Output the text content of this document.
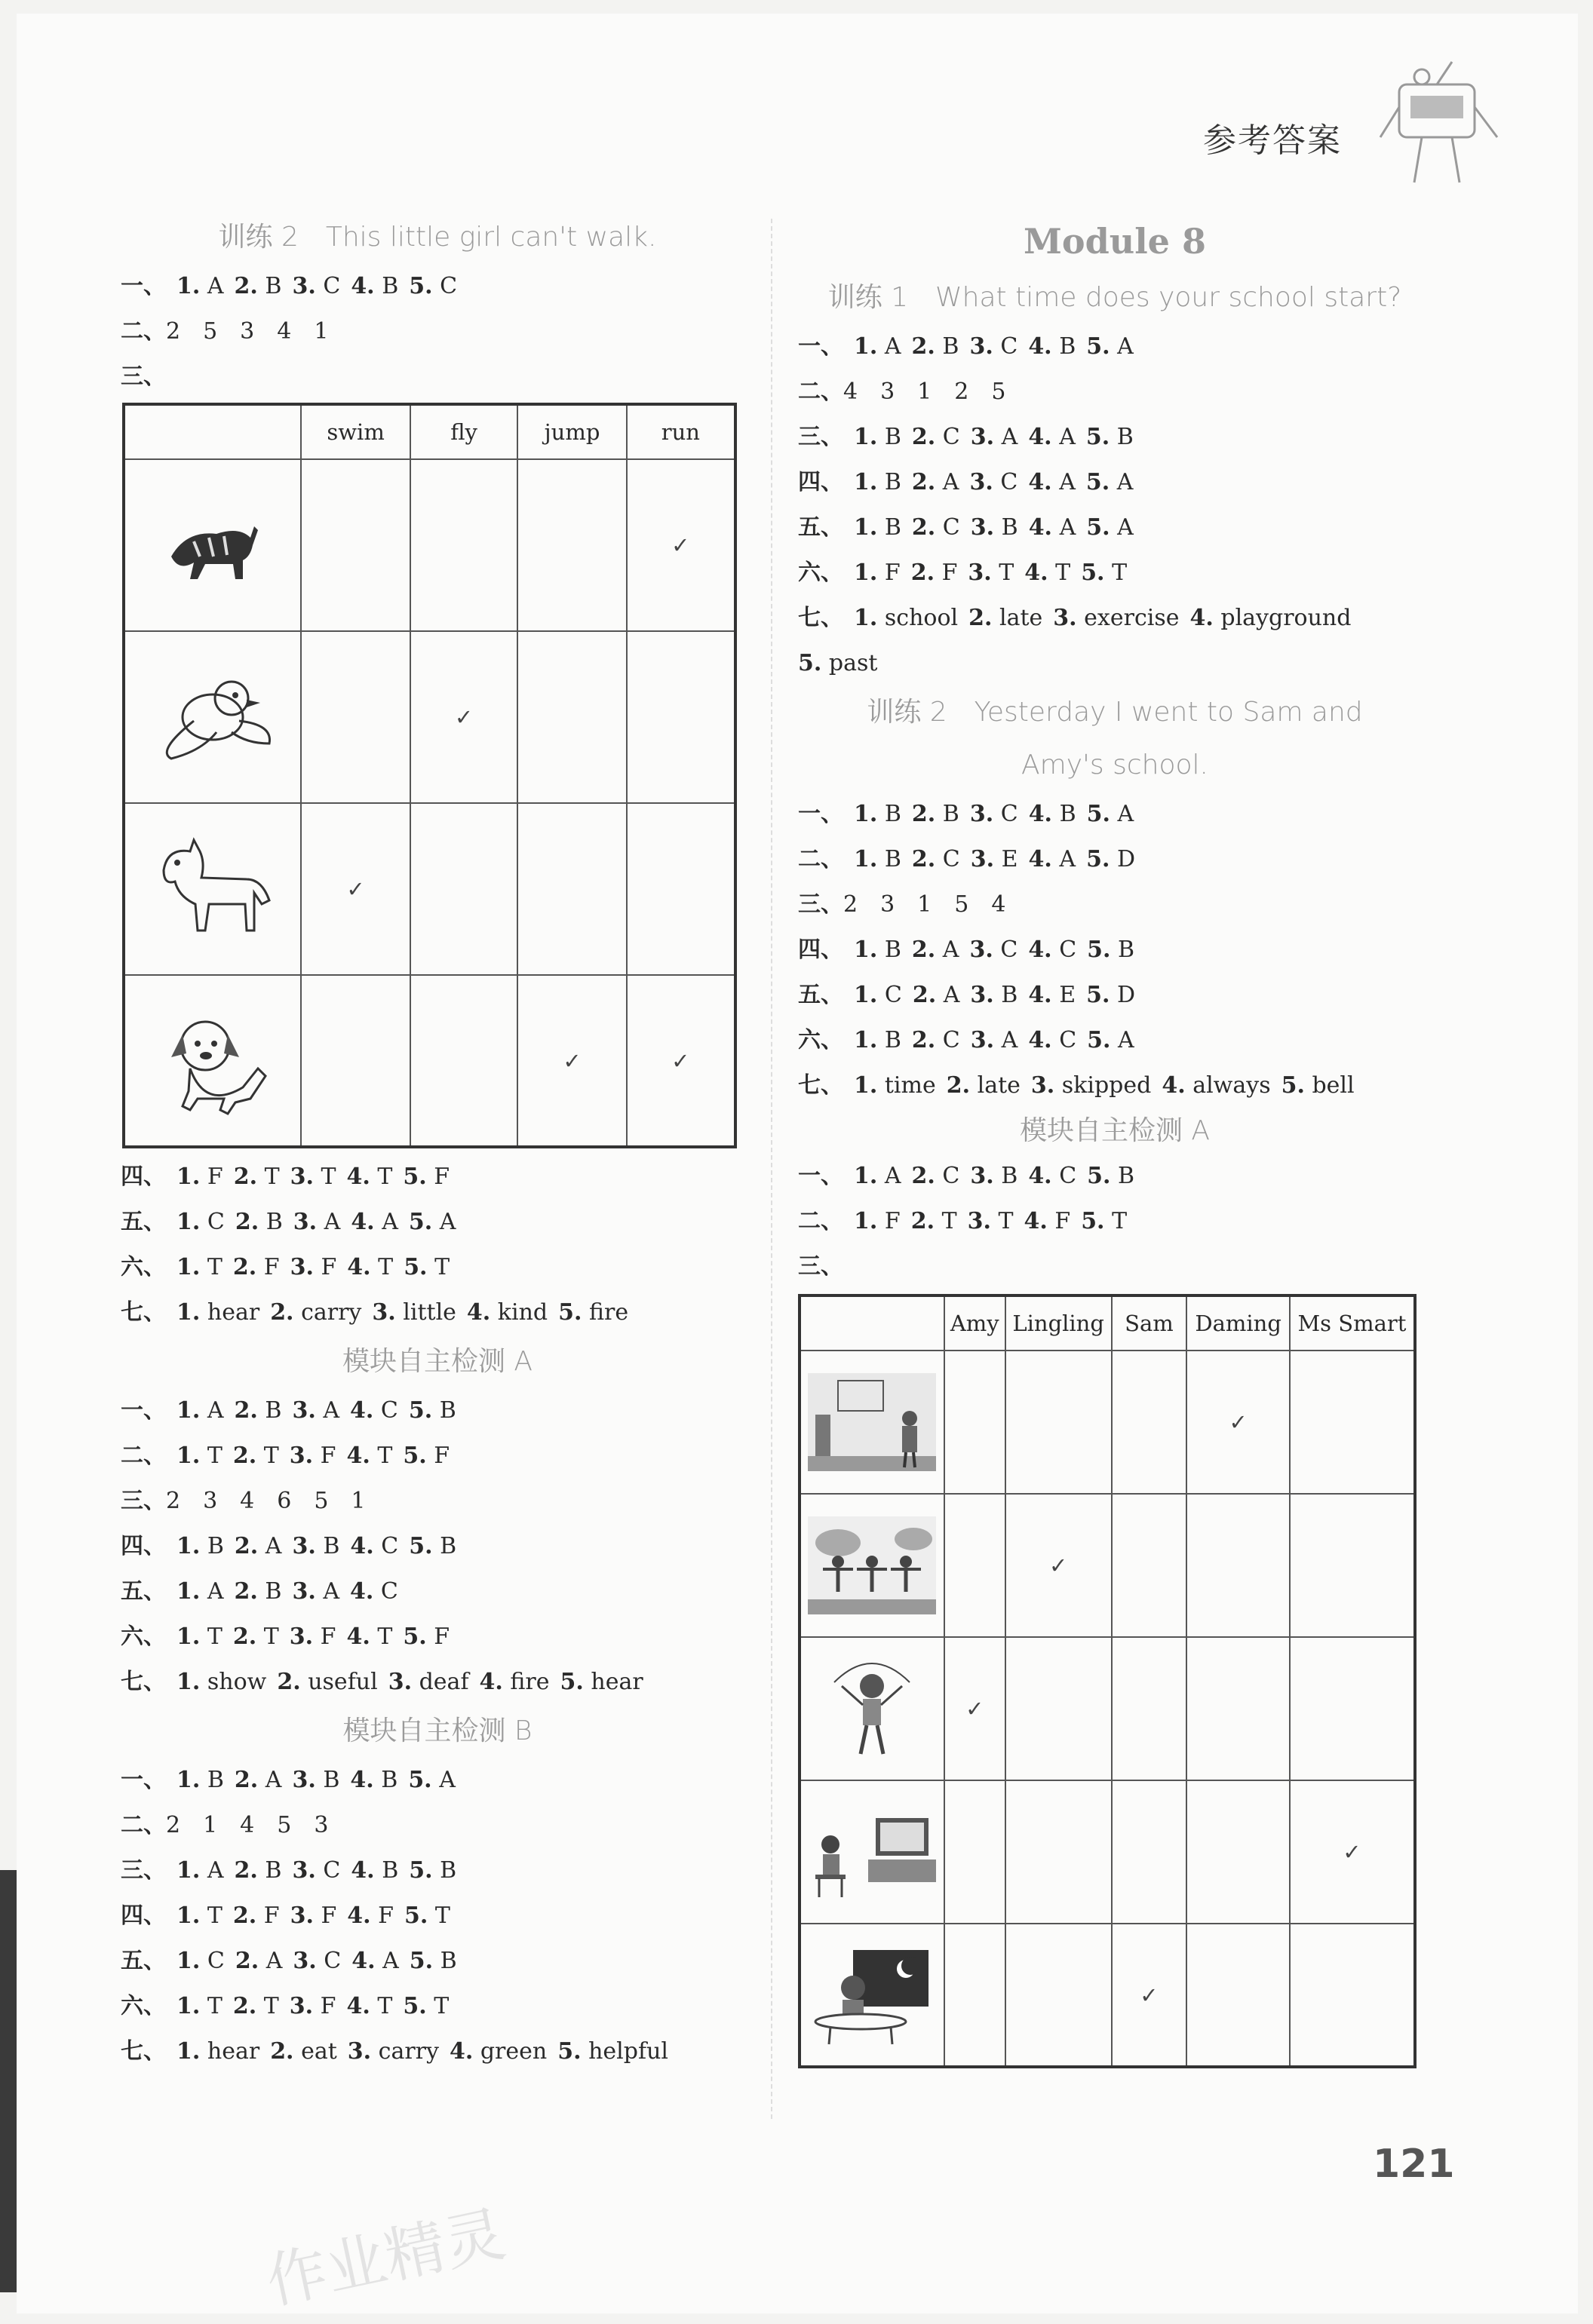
参考答案
训练 2　This little girl can't walk.
一、 1. A 2. B 3. C 4. B 5. C
二、2　5　3　4　1
三、
	swim	fly	jump	run

				✓

		✓		

	✓			

			✓	✓
四、 1. F 2. T 3. T 4. T 5. F
五、 1. C 2. B 3. A 4. A 5. A
六、 1. T 2. F 3. F 4. T 5. T
七、 1. hear 2. carry 3. little 4. kind 5. fire
模块自主检测 A
一、 1. A 2. B 3. A 4. C 5. B
二、 1. T 2. T 3. F 4. T 5. F
三、2　3　4　6　5　1
四、 1. B 2. A 3. B 4. C 5. B
五、 1. A 2. B 3. A 4. C
六、 1. T 2. T 3. F 4. T 5. F
七、 1. show 2. useful 3. deaf 4. fire 5. hear
模块自主检测 B
一、 1. B 2. A 3. B 4. B 5. A
二、2　1　4　5　3
三、 1. A 2. B 3. C 4. B 5. B
四、 1. T 2. F 3. F 4. F 5. T
五、 1. C 2. A 3. C 4. A 5. B
六、 1. T 2. T 3. F 4. T 5. T
七、 1. hear 2. eat 3. carry 4. green 5. helpful
Module 8
训练 1　What time does your school start?
一、 1. A 2. B 3. C 4. B 5. A
二、4　3　1　2　5
三、 1. B 2. C 3. A 4. A 5. B
四、 1. B 2. A 3. C 4. A 5. A
五、 1. B 2. C 3. B 4. A 5. A
六、 1. F 2. F 3. T 4. T 5. T
七、 1. school 2. late 3. exercise 4. playground
5. past
训练 2　Yesterday I went to Sam and
Amy's school.
一、 1. B 2. B 3. C 4. B 5. A
二、 1. B 2. C 3. E 4. A 5. D
三、2　3　1　5　4
四、 1. B 2. A 3. C 4. C 5. B
五、 1. C 2. A 3. B 4. E 5. D
六、 1. B 2. C 3. A 4. C 5. A
七、 1. time 2. late 3. skipped 4. always 5. bell
模块自主检测 A
一、 1. A 2. C 3. B 4. C 5. B
二、 1. F 2. T 3. T 4. F 5. T
三、
	Amy	Lingling	Sam	Daming	Ms Smart

				✓	

		✓			

	✓				

					✓

			✓		
121
作业精灵
